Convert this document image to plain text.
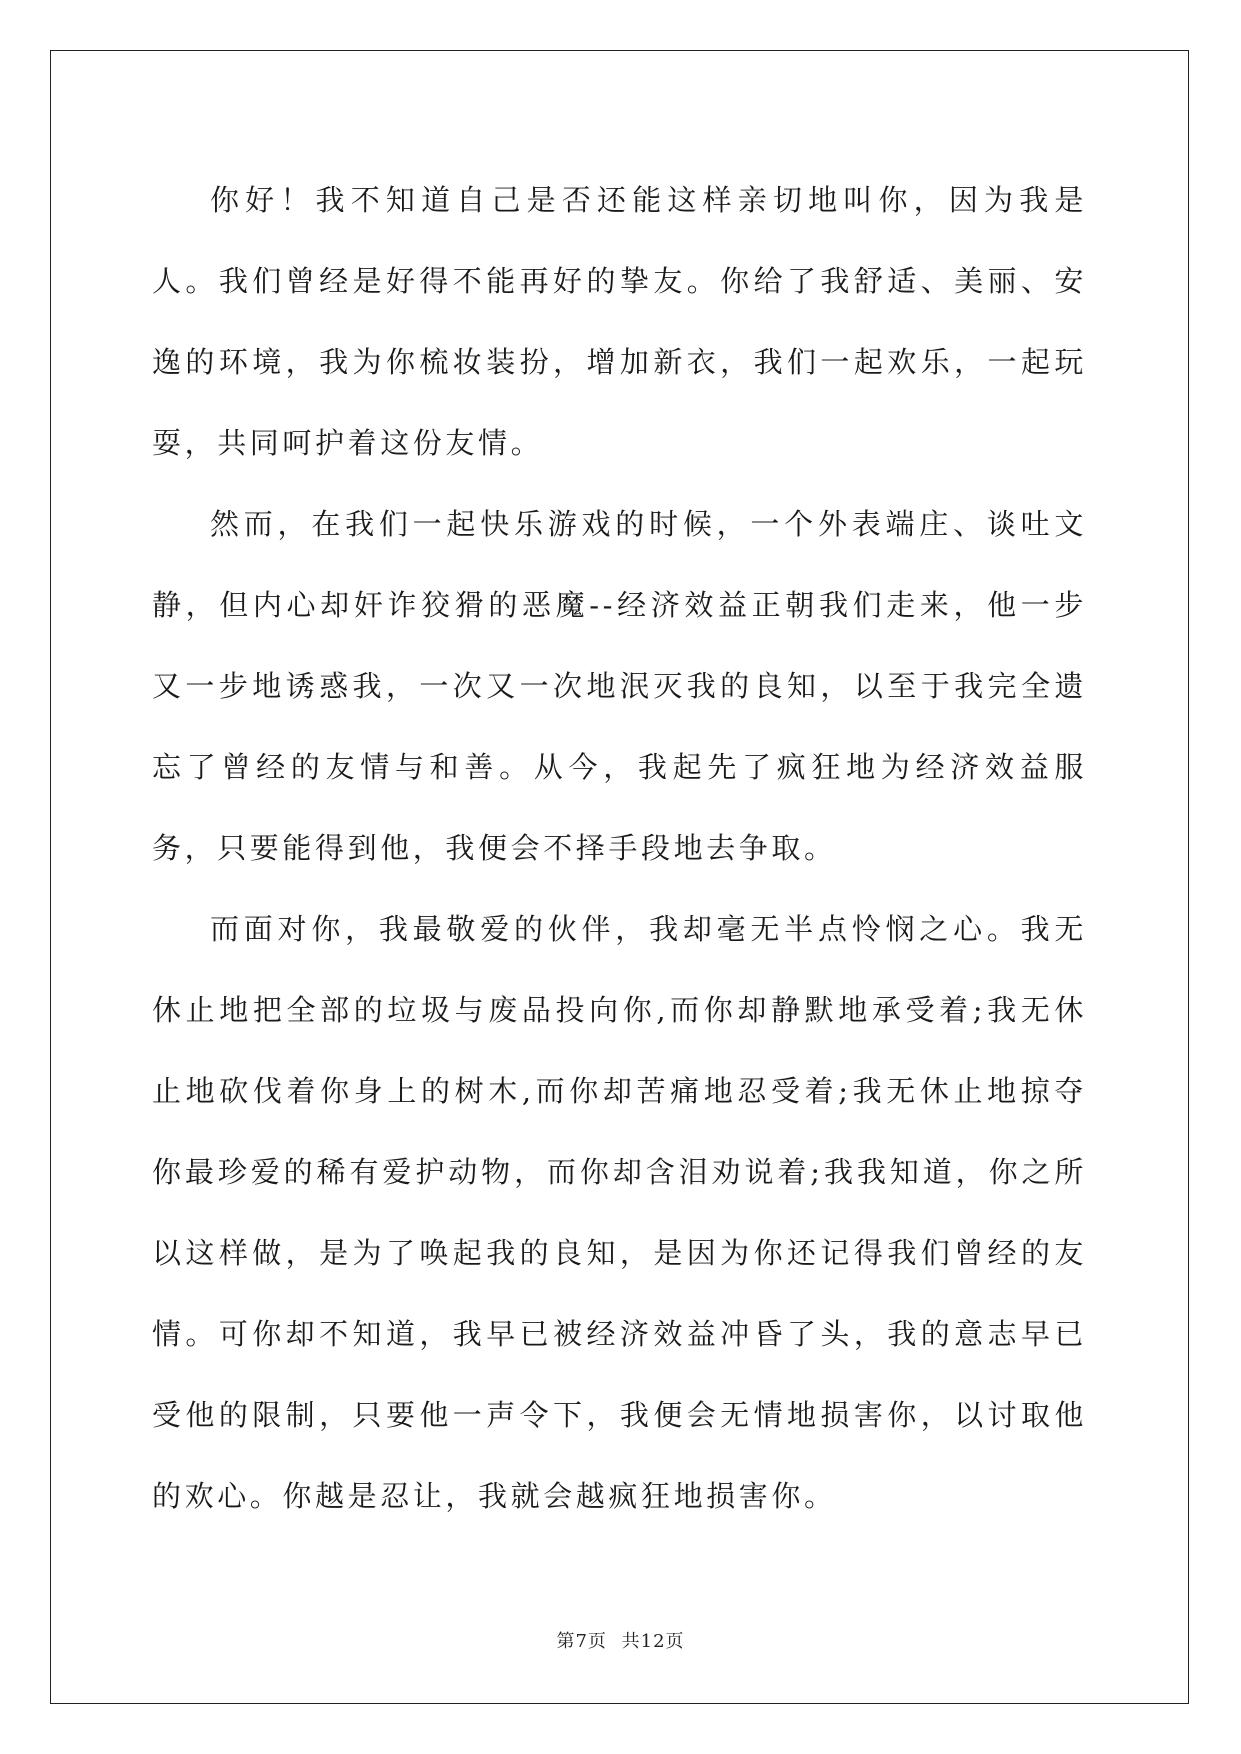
你好！我不知道自己是否还能这样亲切地叫你，因为我是人。我们曾经是好得不能再好的挚友。你给了我舒适、美丽、安逸的环境，我为你梳妆装扮，增加新衣，我们一起欢乐，一起玩耍，共同呵护着这份友情。

然而，在我们一起快乐游戏的时候，一个外表端庄、谈吐文静，但内心却奸诈狡猾的恶魔--经济效益正朝我们走来，他一步又一步地诱惑我，一次又一次地泯灭我的良知，以至于我完全遗忘了曾经的友情与和善。从今，我起先了疯狂地为经济效益服务，只要能得到他，我便会不择手段地去争取。

而面对你，我最敬爱的伙伴，我却毫无半点怜悯之心。我无休止地把全部的垃圾与废品投向你,而你却静默地承受着;我无休止地砍伐着你身上的树木,而你却苦痛地忍受着;我无休止地掠夺你最珍爱的稀有爱护动物，而你却含泪劝说着;我我知道，你之所以这样做，是为了唤起我的良知，是因为你还记得我们曾经的友情。可你却不知道，我早已被经济效益冲昏了头，我的意志早已受他的限制，只要他一声令下，我便会无情地损害你，以讨取他的欢心。你越是忍让，我就会越疯狂地损害你。

第7页 共12页
